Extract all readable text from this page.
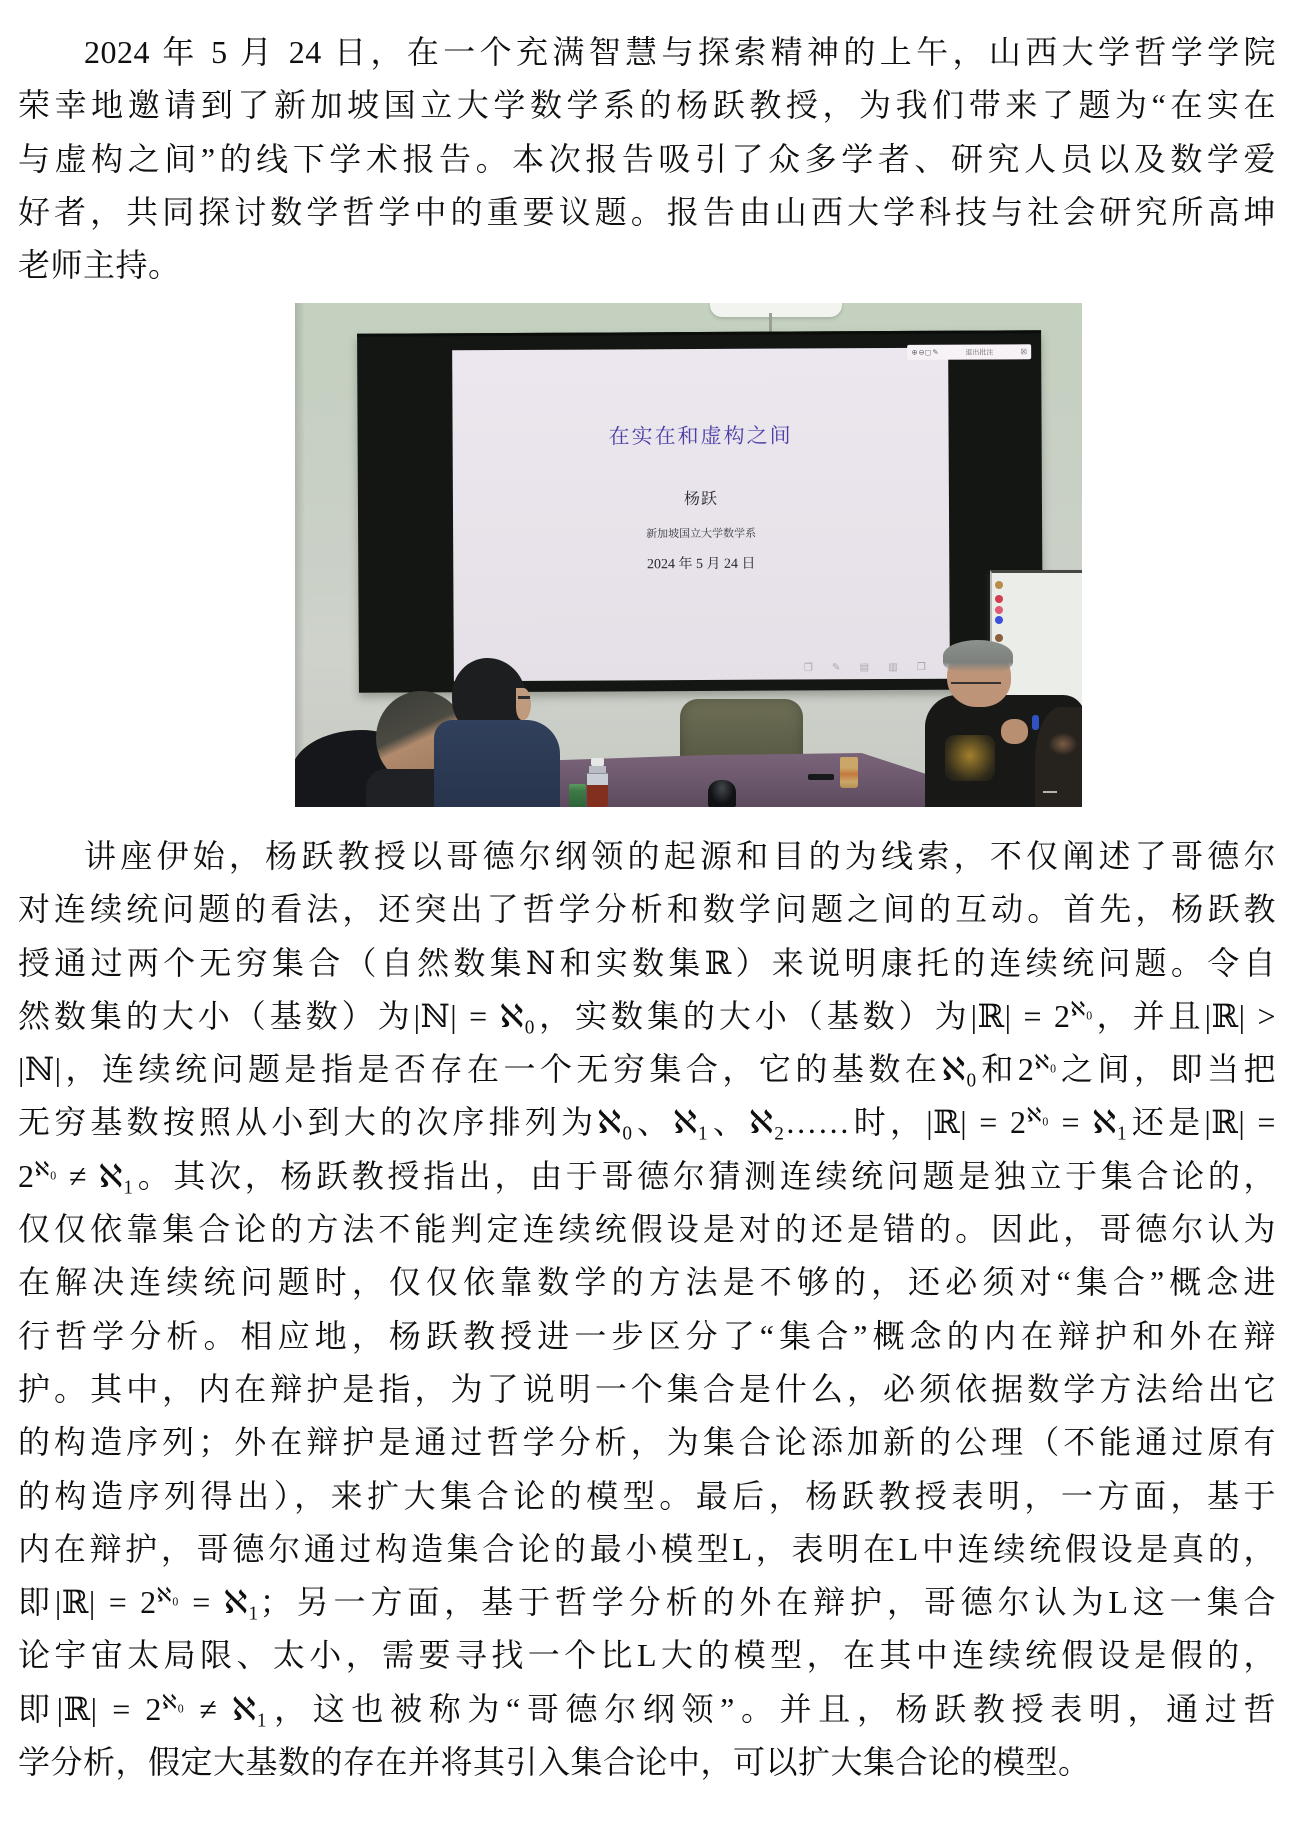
2024 年 5 月 24 日，在一个充满智慧与探索精神的上午，山西大学哲学学院
荣幸地邀请到了新加坡国立大学数学系的杨跃教授，为我们带来了题为“在实在
与虚构之间”的线下学术报告。本次报告吸引了众多学者、研究人员以及数学爱
好者，共同探讨数学哲学中的重要议题。报告由山西大学科技与社会研究所高坤
老师主持。
在实在和虚构之间
杨跃
新加坡国立大学数学系
2024 年 5 月 24 日
❐ ✎ ▤ ▥ ❒
⊕⊖▢✎	退出批注	☒
讲座伊始，杨跃教授以哥德尔纲领的起源和目的为线索，不仅阐述了哥德尔
对连续统问题的看法，还突出了哲学分析和数学问题之间的互动。首先，杨跃教
授通过两个无穷集合（自然数集ℕ和实数集ℝ）来说明康托的连续统问题。令自
然数集的大小（基数）为|ℕ| = ℵ₀，实数集的大小（基数）为|ℝ| = $2^{ℵ_0}$，并且|ℝ| >
|ℕ|，连续统问题是指是否存在一个无穷集合，它的基数在ℵ₀和$2^{ℵ_0}$之间，即当把
无穷基数按照从小到大的次序排列为ℵ₀、ℵ₁、ℵ₂……时，|ℝ| = $2^{ℵ_0}$ = ℵ₁还是|ℝ| =
$2^{ℵ_0}$ ≠ ℵ₁。其次，杨跃教授指出，由于哥德尔猜测连续统问题是独立于集合论的，
仅仅依靠集合论的方法不能判定连续统假设是对的还是错的。因此，哥德尔认为
在解决连续统问题时，仅仅依靠数学的方法是不够的，还必须对“集合”概念进
行哲学分析。相应地，杨跃教授进一步区分了“集合”概念的内在辩护和外在辩
护。其中，内在辩护是指，为了说明一个集合是什么，必须依据数学方法给出它
的构造序列；外在辩护是通过哲学分析，为集合论添加新的公理（不能通过原有
的构造序列得出），来扩大集合论的模型。最后，杨跃教授表明，一方面，基于
内在辩护，哥德尔通过构造集合论的最小模型L，表明在L中连续统假设是真的，
即|ℝ| = $2^{ℵ_0}$ = ℵ₁；另一方面，基于哲学分析的外在辩护，哥德尔认为L这一集合
论宇宙太局限、太小，需要寻找一个比L大的模型，在其中连续统假设是假的，
即|ℝ| = $2^{ℵ_0}$ ≠ ℵ₁，这也被称为“哥德尔纲领”。并且，杨跃教授表明，通过哲
学分析，假定大基数的存在并将其引入集合论中，可以扩大集合论的模型。
